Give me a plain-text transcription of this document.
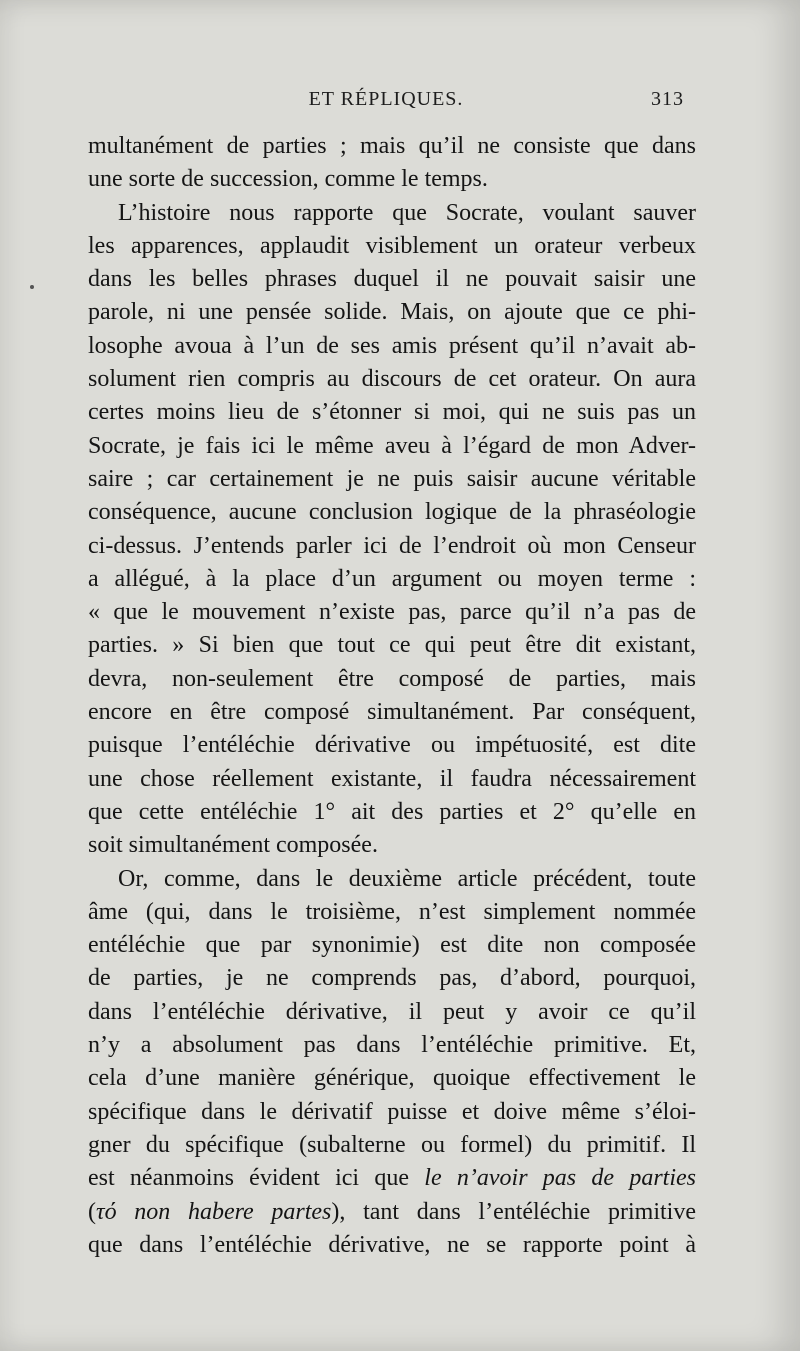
ET RÉPLIQUES.	313
multanément de parties ; mais qu’il ne consiste que dans
une sorte de succession, comme le temps.
L’histoire nous rapporte que Socrate, voulant sauver
les apparences, applaudit visiblement un orateur verbeux
dans les belles phrases duquel il ne pouvait saisir une
parole, ni une pensée solide. Mais, on ajoute que ce phi-
losophe avoua à l’un de ses amis présent qu’il n’avait ab-
solument rien compris au discours de cet orateur. On aura
certes moins lieu de s’étonner si moi, qui ne suis pas un
Socrate, je fais ici le même aveu à l’égard de mon Adver-
saire ; car certainement je ne puis saisir aucune véritable
conséquence, aucune conclusion logique de la phraséologie
ci-dessus. J’entends parler ici de l’endroit où mon Censeur
a allégué, à la place d’un argument ou moyen terme :
« que le mouvement n’existe pas, parce qu’il n’a pas de
parties. » Si bien que tout ce qui peut être dit existant,
devra, non-seulement être composé de parties, mais
encore en être composé simultanément. Par conséquent,
puisque l’entéléchie dérivative ou impétuosité, est dite
une chose réellement existante, il faudra nécessairement
que cette entéléchie 1° ait des parties et 2° qu’elle en
soit simultanément composée.
Or, comme, dans le deuxième article précédent, toute
âme (qui, dans le troisième, n’est simplement nommée
entéléchie que par synonimie) est dite non composée
de parties, je ne comprends pas, d’abord, pourquoi,
dans l’entéléchie dérivative, il peut y avoir ce qu’il
n’y a absolument pas dans l’entéléchie primitive. Et,
cela d’une manière générique, quoique effectivement le
spécifique dans le dérivatif puisse et doive même s’éloi-
gner du spécifique (subalterne ou formel) du primitif. Il
est néanmoins évident ici que le n’avoir pas de parties
(τό non habere partes), tant dans l’entéléchie primitive
que dans l’entéléchie dérivative, ne se rapporte point à
